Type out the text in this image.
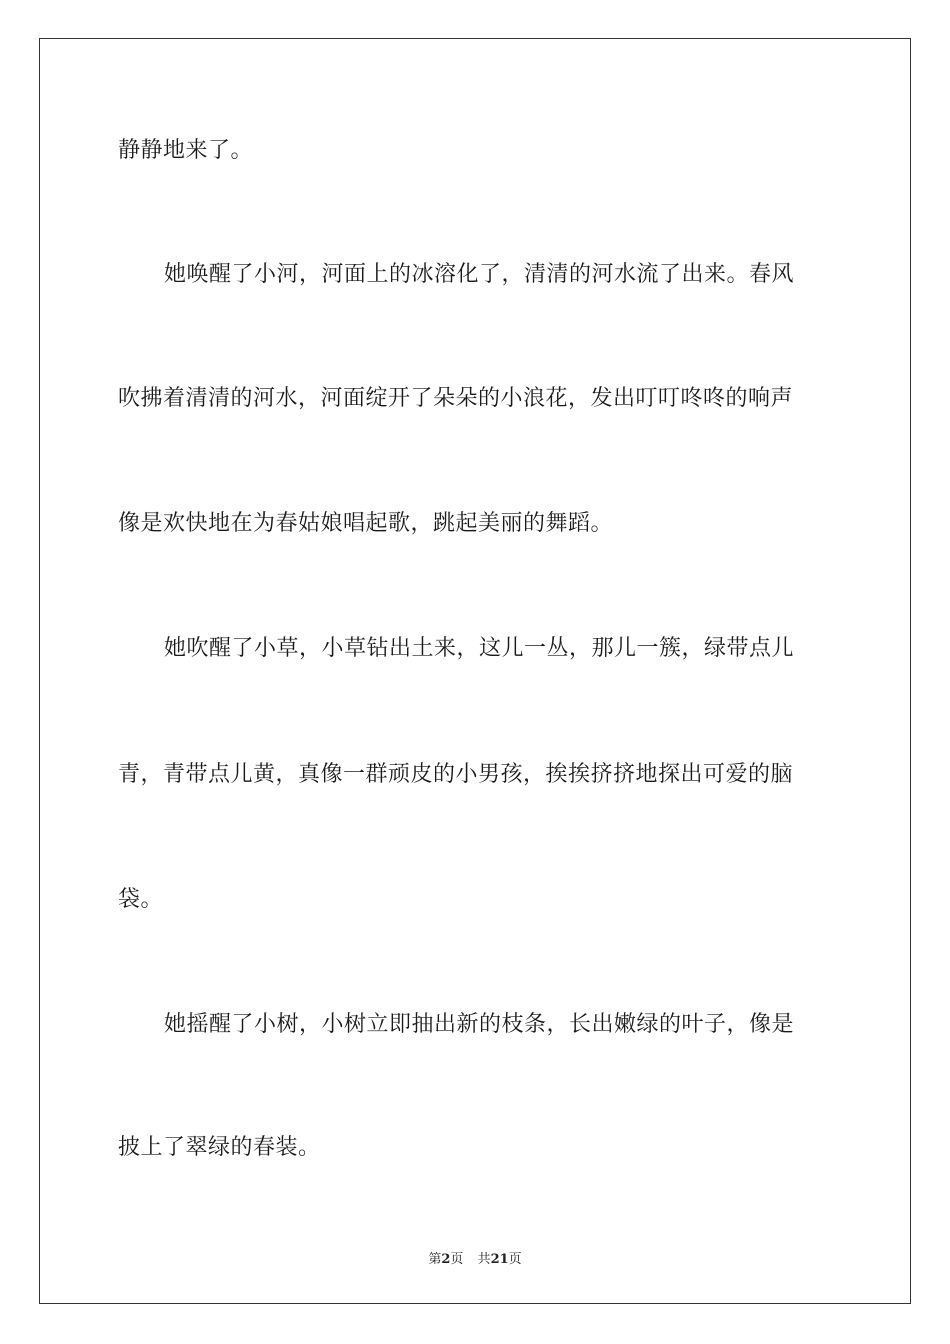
静静地来了。
她唤醒了小河，河面上的冰溶化了，清清的河水流了出来。春风
吹拂着清清的河水，河面绽开了朵朵的小浪花，发出叮叮咚咚的响声
像是欢快地在为春姑娘唱起歌，跳起美丽的舞蹈。
她吹醒了小草，小草钻出土来，这儿一丛，那儿一簇，绿带点儿
青，青带点儿黄，真像一群顽皮的小男孩，挨挨挤挤地探出可爱的脑
袋。
她摇醒了小树，小树立即抽出新的枝条，长出嫩绿的叶子，像是
披上了翠绿的春装。
第2页 共21页
